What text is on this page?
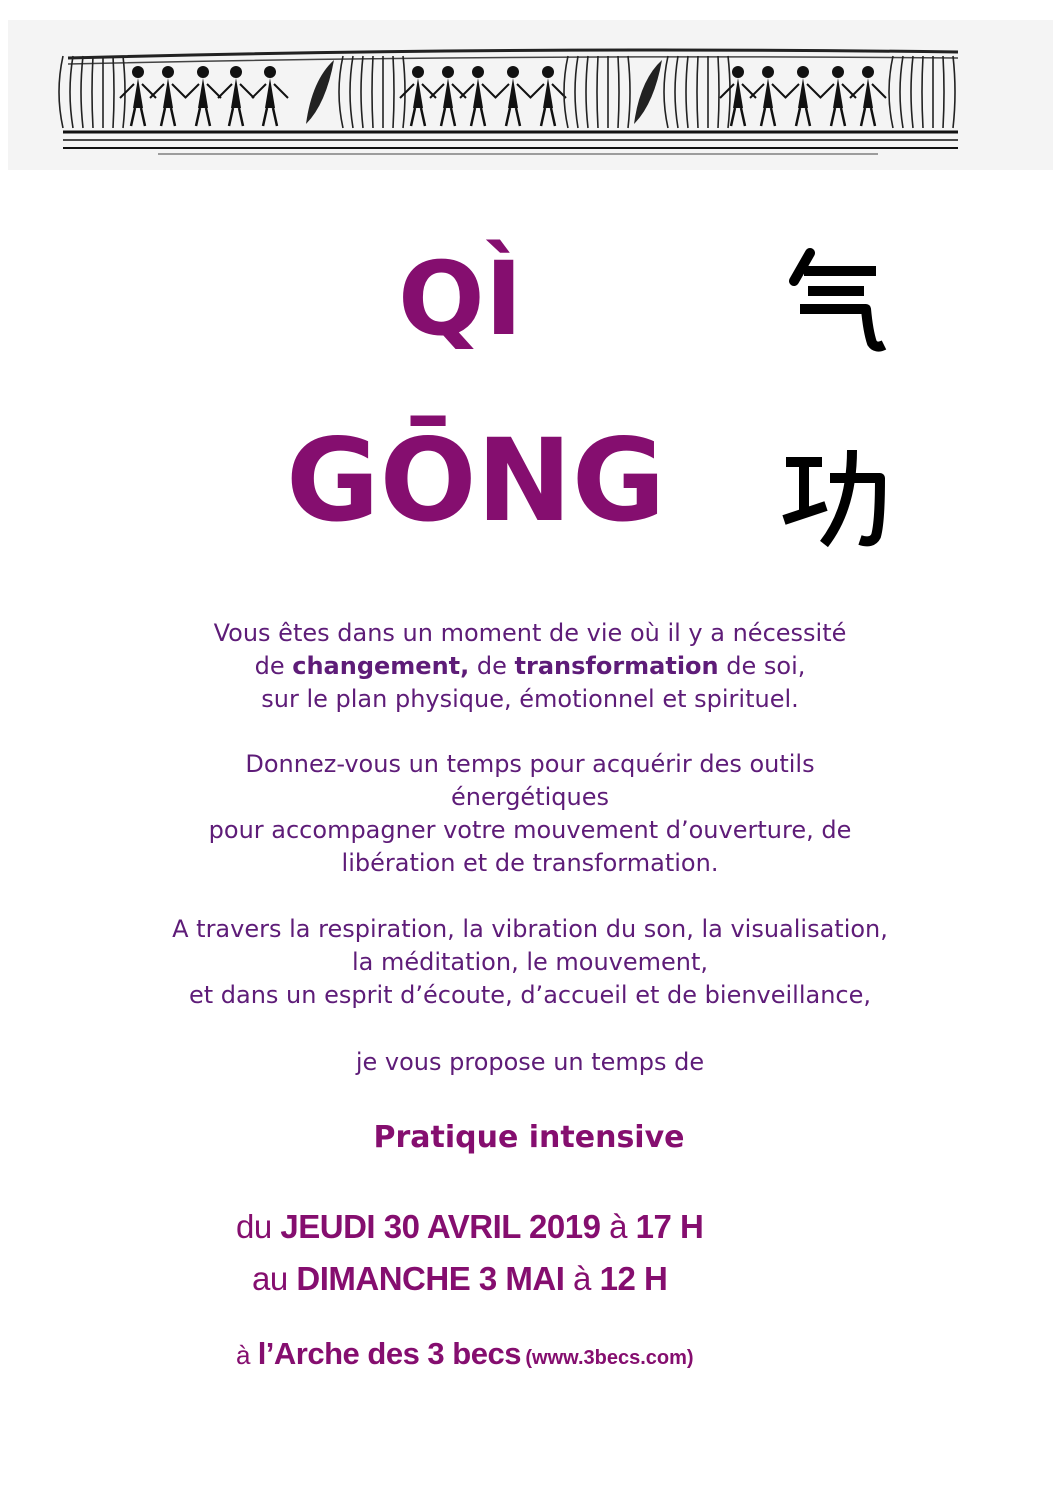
QÌ
GŌNG
Vous êtes dans un moment de vie où il y a nécessité
de changement, de transformation de soi,
sur le plan physique, émotionnel et spirituel.
Donnez-vous un temps pour acquérir des outils
énergétiques
pour accompagner votre mouvement d’ouverture, de
libération et de transformation.
A travers la respiration, la vibration du son, la visualisation,
la méditation, le mouvement,
et dans un esprit d’écoute, d’accueil et de bienveillance,
je vous propose un temps de
Pratique intensive
du JEUDI 30 AVRIL 2019 à 17 H
au DIMANCHE 3 MAI à 12 H
à l’Arche des 3 becs (www.3becs.com)
